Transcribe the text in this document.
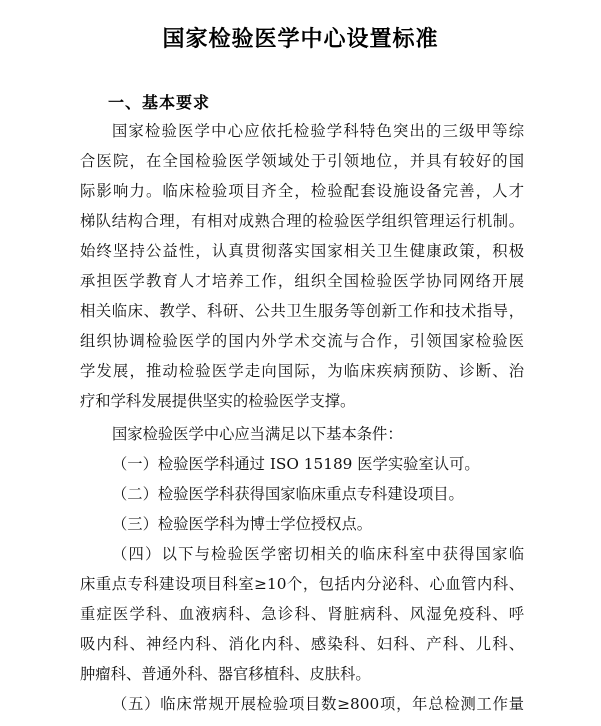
国家检验医学中心设置标准
一、基本要求
国家检验医学中心应依托检验学科特色突出的三级甲等综
合医院，在全国检验医学领域处于引领地位，并具有较好的国
际影响力。临床检验项目齐全，检验配套设施设备完善，人才
梯队结构合理，有相对成熟合理的检验医学组织管理运行机制。
始终坚持公益性，认真贯彻落实国家相关卫生健康政策，积极
承担医学教育人才培养工作，组织全国检验医学协同网络开展
相关临床、教学、科研、公共卫生服务等创新工作和技术指导，
组织协调检验医学的国内外学术交流与合作，引领国家检验医
学发展，推动检验医学走向国际，为临床疾病预防、诊断、治
疗和学科发展提供坚实的检验医学支撑。
国家检验医学中心应当满足以下基本条件：
（一）检验医学科通过 ISO 15189 医学实验室认可。
（二）检验医学科获得国家临床重点专科建设项目。
（三）检验医学科为博士学位授权点。
（四）以下与检验医学密切相关的临床科室中获得国家临
床重点专科建设项目科室≥10个，包括内分泌科、心血管内科、
重症医学科、血液病科、急诊科、肾脏病科、风湿免疫科、呼
吸内科、神经内科、消化内科、感染科、妇科、产科、儿科、
肿瘤科、普通外科、器官移植科、皮肤科。
（五）临床常规开展检验项目数≥800项，年总检测工作量
